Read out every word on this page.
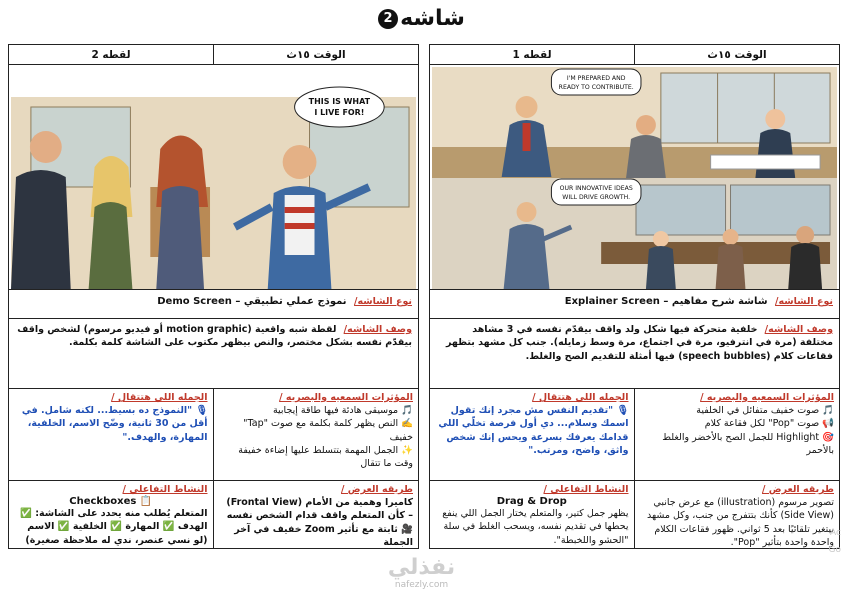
شاشه
2
الوقت ١٥ث
لقطه 1
I'M PREPARED AND
READY TO CONTRIBUTE.
OUR INNOVATIVE IDEAS
WILL DRIVE GROWTH.
نوع الشاشه/ شاشة شرح مفاهيم – Explainer Screen
وصف الشاشه/ خلفية متحركة فيها شكل ولد واقف بيقدّم نفسه في 3 مشاهد مختلفة (مرة في انترفيو، مرة في اجتماع، مرة وسط زمايله). جنب كل مشهد بتظهر فقاعات كلام (speech bubbles) فيها أمثلة للتقديم الصح والغلط.
المؤثرات السمعيه والبصريه /
🎵 صوت خفيف متفائل في الخلفية
📢 صوت "Pop" لكل فقاعة كلام
🎯 Highlight للجمل الصح بالأخضر والغلط بالأحمر
الجمله اللي هتتقال /
🎙 "تقديم النفس مش مجرد إنك تقول اسمك وسلام... دي أول فرصة تخلّي اللي قدامك يعرفك بسرعة ويحس إنك شخص واثق، واضح، ومرتب."
طريقه العرض /
تصوير مرسوم (illustration) مع عرض جانبي (Side View) كأنك بتتفرج من جنب، وكل مشهد بيتغير تلقائيًا بعد 5 ثواني. ظهور فقاعات الكلام واحدة واحدة بتأثير "Pop".
النشاط التفاعلي /
Drag & Drop
يظهر جمل كتير، والمتعلم يختار الجمل اللي ينفع يحطها في تقديم نفسه، ويسحب الغلط في سلة "الحشو واللخبطة".
الوقت ١٥ث
لقطه 2
THIS IS WHAT
I LIVE FOR!
نوع الشاشه/ نموذج عملي تطبيقي – Demo Screen
وصف الشاشه/ لقطة شبه واقعية (motion graphic أو فيديو مرسوم) لشخص واقف بيقدّم نفسه بشكل مختصر، والنص بيظهر مكتوب على الشاشة كلمة بكلمة.
المؤثرات السمعيه والبصريه /
🎵 موسيقى هادئة فيها طاقة إيجابية
✍️ النص يظهر كلمة بكلمة مع صوت "Tap" خفيف
✨ الجمل المهمة بتتسلط عليها إضاءة خفيفة وقت ما تتقال
الجمله اللي هتتقال /
🎙 "النموذج ده بسيط... لكنه شامل. في أقل من 30 ثانية، وضّح الاسم، الخلفية، المهارة، والهدف."
طريقه العرض /
كاميرا وهمية من الأمام (Frontal View) – كأن المتعلم واقف قدام الشخص نفسه 🎥 ثابتة مع تأثير Zoom خفيف في آخر الجملة
النشاط التفاعلي /
📋 Checkboxes
المتعلم يُطلب منه يحدد على الشاشة: ✅ الهدف ✅ المهارة ✅ الخلفية ✅ الاسم (لو نسي عنصر، ندي له ملاحظة صغيرة)
Ac
Go
نفذلي
nafezly.com
